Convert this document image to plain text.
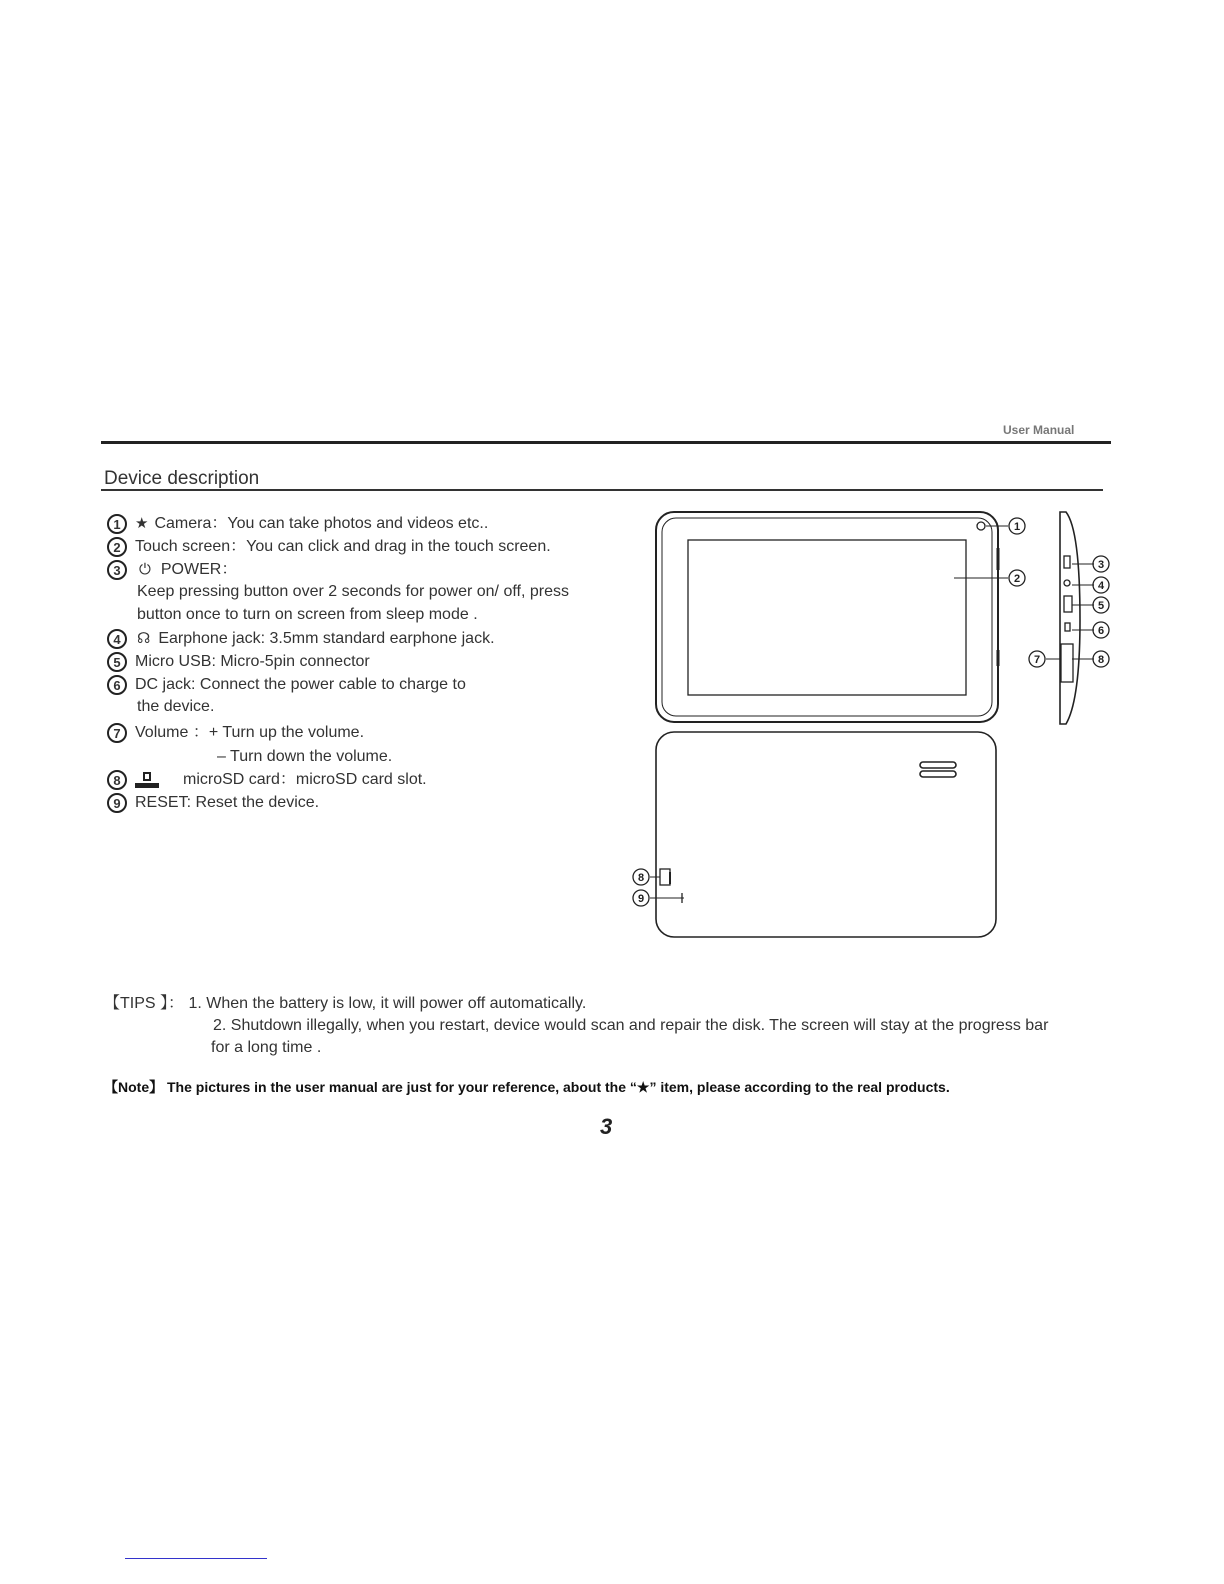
User Manual
Device description
1 ★ Camera：You can take photos and videos etc..
2 Touch screen：You can click and drag in the touch screen.
3 ⏻ POWER：
Keep pressing button over 2 seconds for power on/ off, press
button once to turn on screen from sleep mode .
4 ☊ Earphone jack: 3.5mm standard earphone jack.
5 Micro USB: Micro-5pin connector
6 DC jack: Connect the power cable to charge to
the device.
7 Volume ：+ Turn up the volume.
– Turn down the volume.
8	microSD card：microSD card slot.
9 RESET: Reset the device.
1
2
3
4
5
6
7	8
8
9
【TIPS 】： 1. When the battery is low, it will power off automatically.
2. Shutdown illegally, when you restart, device would scan and repair the disk. The screen will stay at the progress bar
for a long time .
【Note】 The pictures in the user manual are just for your reference, about the “★” item, please according to the real products.
3
